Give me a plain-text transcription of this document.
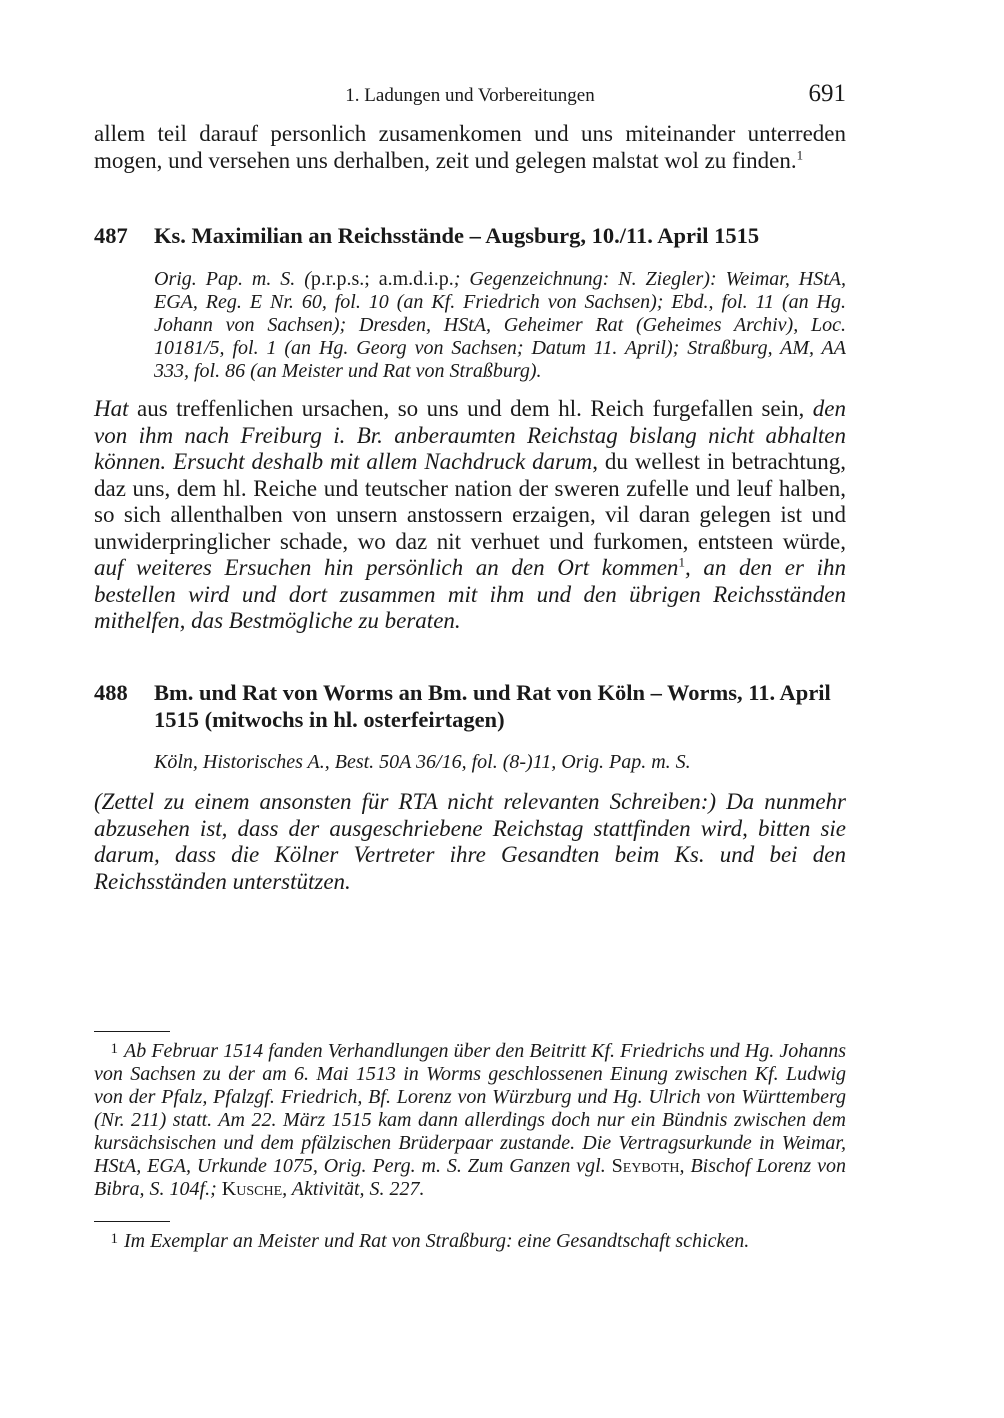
1. Ladungen und Vorbereitungen	691

allem teil darauf personlich zusamenkomen und uns miteinander unterreden mogen, und versehen uns derhalben, zeit und gelegen malstat wol zu finden.$^1$

487	Ks. Maximilian an Reichsstände – Augsburg, 10./11. April 1515
Orig. Pap. m. S. (p.r.p.s.; a.m.d.i.p.; Gegenzeichnung: N. Ziegler): Weimar, HStA, EGA, Reg. E Nr. 60, fol. 10 (an Kf. Friedrich von Sachsen); Ebd., fol. 11 (an Hg. Johann von Sachsen); Dresden, HStA, Geheimer Rat (Geheimes Archiv), Loc. 10181/5, fol. 1 (an Hg. Georg von Sachsen; Datum 11. April); Straßburg, AM, AA 333, fol. 86 (an Meister und Rat von Straßburg).

Hat aus treffenlichen ursachen, so uns und dem hl. Reich furgefallen sein, den von ihm nach Freiburg i. Br. anberaumten Reichstag bislang nicht abhalten können. Ersucht deshalb mit allem Nachdruck darum, du wellest in betrachtung, daz uns, dem hl. Reiche und teutscher nation der sweren zufelle und leuf halben, so sich allenthalben von unsern anstossern erzaigen, vil daran gelegen ist und unwiderpringlicher schade, wo daz nit verhuet und furkomen, entsteen würde, auf weiteres Ersuchen hin persönlich an den Ort kommen$^1$, an den er ihn bestellen wird und dort zusammen mit ihm und den übrigen Reichsständen mithelfen, das Bestmögliche zu beraten.

488	Bm. und Rat von Worms an Bm. und Rat von Köln – Worms, 11. April 1515 (mitwochs in hl. osterfeirtagen)
Köln, Historisches A., Best. 50A 36/16, fol. (8-)11, Orig. Pap. m. S.

(Zettel zu einem ansonsten für RTA nicht relevanten Schreiben:) Da nunmehr abzusehen ist, dass der ausgeschriebene Reichstag stattfinden wird, bitten sie darum, dass die Kölner Vertreter ihre Gesandten beim Ks. und bei den Reichsständen unterstützen.

1 Ab Februar 1514 fanden Verhandlungen über den Beitritt Kf. Friedrichs und Hg. Johanns von Sachsen zu der am 6. Mai 1513 in Worms geschlossenen Einung zwischen Kf. Ludwig von der Pfalz, Pfalzgf. Friedrich, Bf. Lorenz von Würzburg und Hg. Ulrich von Württemberg (Nr. 211) statt. Am 22. März 1515 kam dann allerdings doch nur ein Bündnis zwischen dem kursächsischen und dem pfälzischen Brüderpaar zustande. Die Vertragsurkunde in Weimar, HStA, EGA, Urkunde 1075, Orig. Perg. m. S. Zum Ganzen vgl. Seyboth, Bischof Lorenz von Bibra, S. 104f.; Kusche, Aktivität, S. 227.

1 Im Exemplar an Meister und Rat von Straßburg: eine Gesandtschaft schicken.
